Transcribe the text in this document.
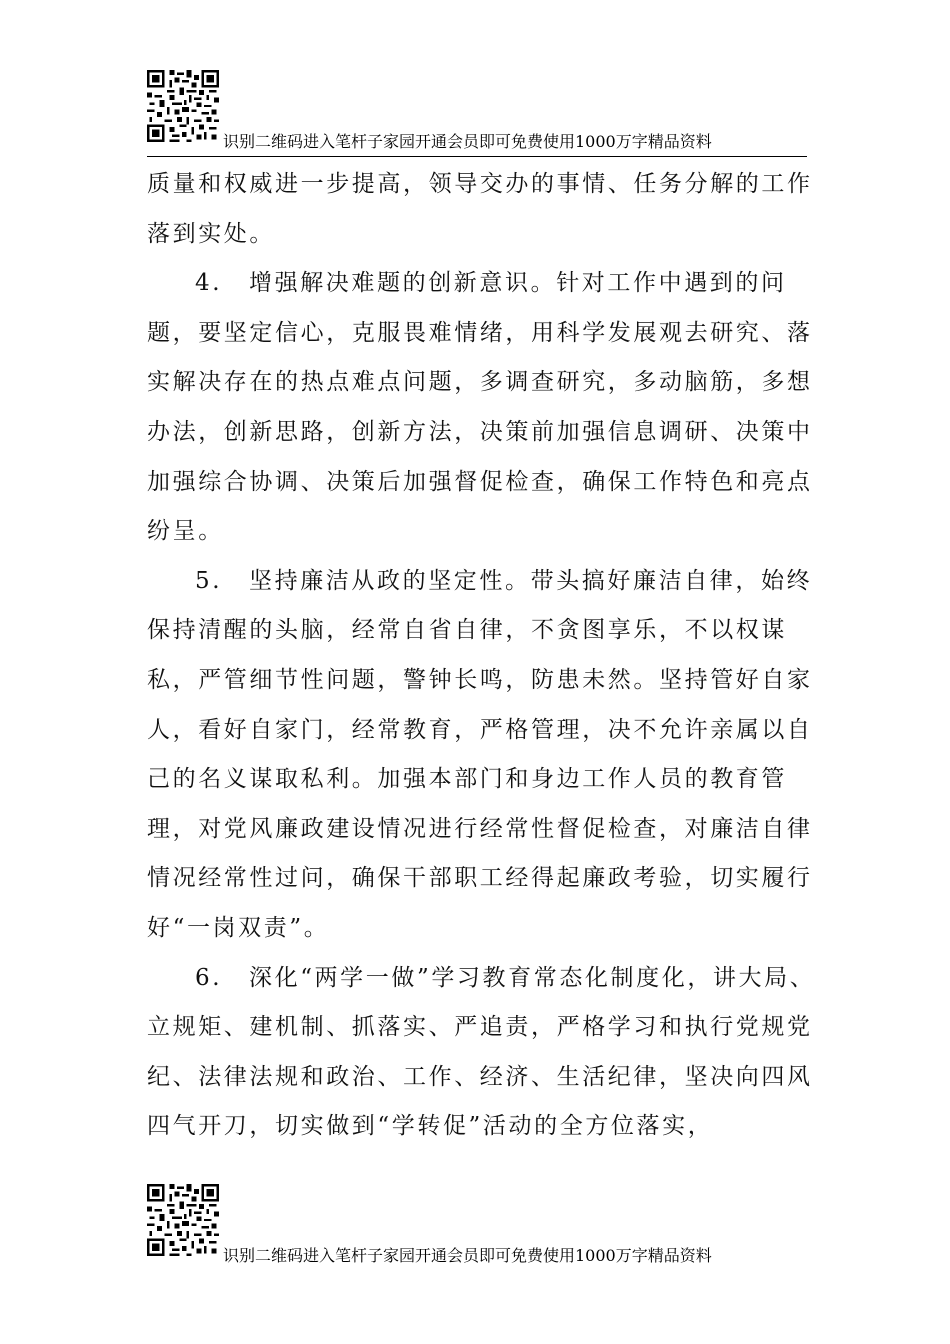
识别二维码进入笔杆子家园开通会员即可免费使用1000万字精品资料

质量和权威进一步提高，领导交办的事情、任务分解的工作落到实处。

4. 增强解决难题的创新意识。针对工作中遇到的问题，要坚定信心，克服畏难情绪，用科学发展观去研究、落实解决存在的热点难点问题，多调查研究，多动脑筋，多想办法，创新思路，创新方法，决策前加强信息调研、决策中加强综合协调、决策后加强督促检查，确保工作特色和亮点纷呈。

5. 坚持廉洁从政的坚定性。带头搞好廉洁自律，始终保持清醒的头脑，经常自省自律，不贪图享乐，不以权谋私，严管细节性问题，警钟长鸣，防患未然。坚持管好自家人，看好自家门，经常教育，严格管理，决不允许亲属以自己的名义谋取私利。加强本部门和身边工作人员的教育管理，对党风廉政建设情况进行经常性督促检查，对廉洁自律情况经常性过问，确保干部职工经得起廉政考验，切实履行好“一岗双责”。

6. 深化“两学一做”学习教育常态化制度化，讲大局、立规矩、建机制、抓落实、严追责，严格学习和执行党规党纪、法律法规和政治、工作、经济、生活纪律，坚决向四风四气开刀，切实做到“学转促”活动的全方位落实，

识别二维码进入笔杆子家园开通会员即可免费使用1000万字精品资料
